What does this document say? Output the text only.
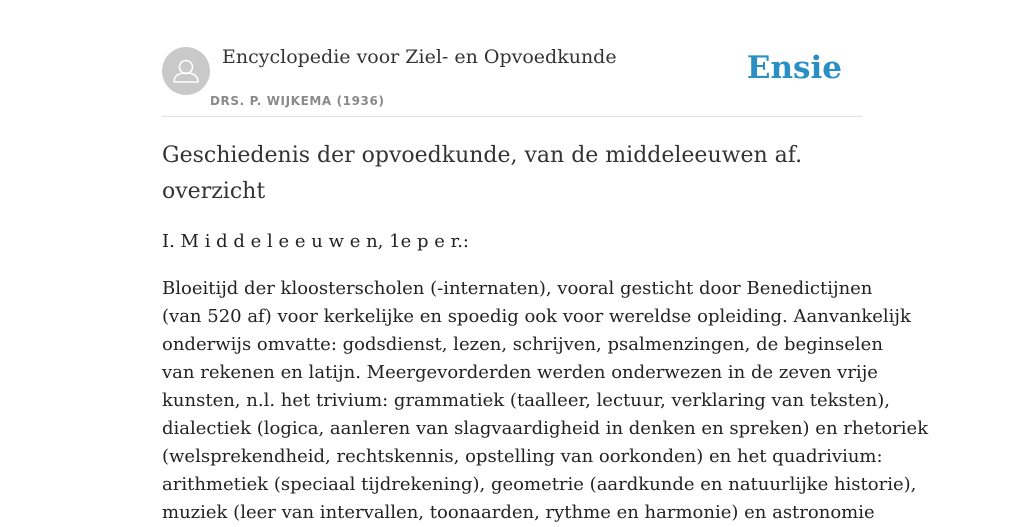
Encyclopedie voor Ziel- en Opvoedkunde
DRS. P. WIJKEMA (1936)
Ensie
Geschiedenis der opvoedkunde, van de middeleeuwen af. overzicht

I. M i d d e l e e u w e n, 1e p e r.:

Bloeitijd der kloosterscholen (-internaten), vooral gesticht door Benedictijnen
(van 520 af) voor kerkelijke en spoedig ook voor wereldse opleiding. Aanvankelijk
onderwijs omvatte: godsdienst, lezen, schrijven, psalmenzingen, de beginselen
van rekenen en latijn. Meergevorderden werden onderwezen in de zeven vrije
kunsten, n.l. het trivium: grammatiek (taalleer, lectuur, verklaring van teksten),
dialectiek (logica, aanleren van slagvaardigheid in denken en spreken) en rhetoriek
(welsprekendheid, rechtskennis, opstelling van oorkonden) en het quadrivium:
arithmetiek (speciaal tijdrekening), geometrie (aardkunde en natuurlijke historie),
muziek (leer van intervallen, toonaarden, rythme en harmonie) en astronomie
